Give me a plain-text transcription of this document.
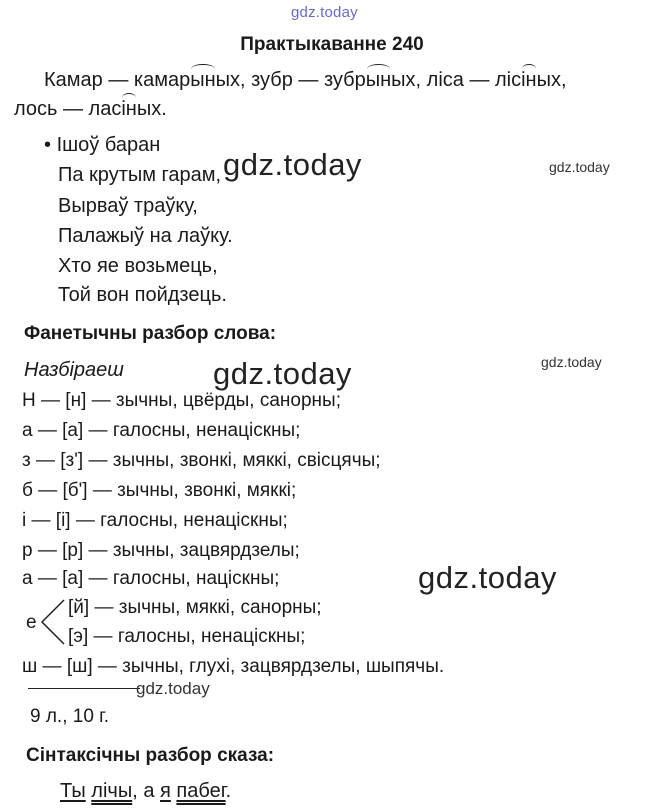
gdz.today
Практыкаванне 240
Камар — камарыных, зубр — зубрыных, ліса — лісіных,
лось — ласіных.
• Ішоў баран
Па крутым гарам,
Вырваў траўку,
Палажыў на лаўку.
Хто яе возьмець,
Той вон пойдзець.
gdz.today	gdz.today
Фанетычны разбор слова:
Назбіраеш	gdz.today	gdz.today
Н — [н] — зычны, цвёрды, санорны;
а — [а] — галосны, ненаціскны;
з — [з'] — зычны, звонкі, мяккі, свісцячы;
б — [б'] — зычны, звонкі, мяккі;
і — [і] — галосны, ненаціскны;
р — [р] — зычны, зацвярдзелы;
а — [а] — галосны, націскны;	gdz.today
е
[й] — зычны, мяккі, санорны;
[э] — галосны, ненаціскны;
ш — [ш] — зычны, глухі, зацвярдзелы, шыпячы.
gdz.today
9 л., 10 г.
Сінтаксічны разбор сказа:
Ты лічы, а я пабег.
